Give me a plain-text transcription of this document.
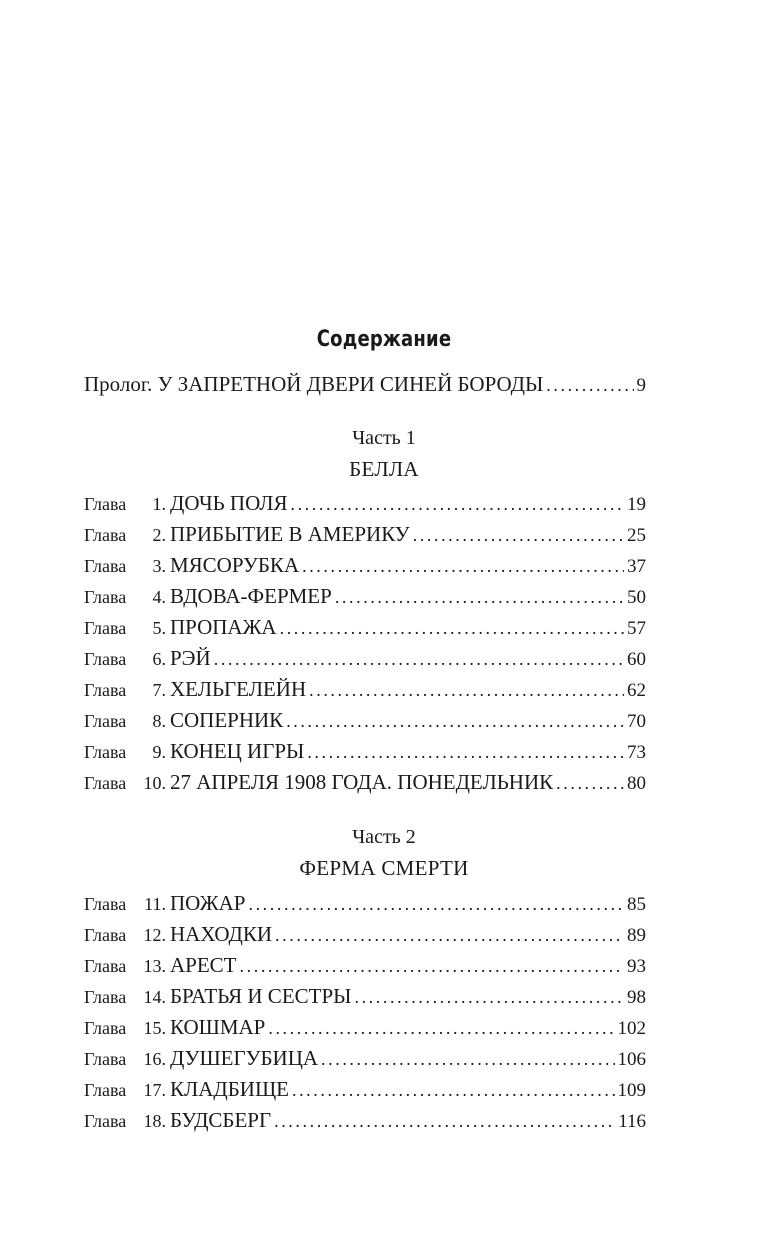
Содержание
Пролог. У ЗАПРЕТНОЙ ДВЕРИ СИНЕЙ БОРОДЫ .....	9
Часть 1
БЕЛЛА
Глава	1. ДОЧЬ ПОЛЯ .....	19
Глава	2. ПРИБЫТИЕ В АМЕРИКУ .....	25
Глава	3. МЯСОРУБКА .....	37
Глава	4. ВДОВА-ФЕРМЕР .....	50
Глава	5. ПРОПАЖА .....	57
Глава	6. РЭЙ .....	60
Глава	7. ХЕЛЬГЕЛЕЙН .....	62
Глава	8. СОПЕРНИК .....	70
Глава	9. КОНЕЦ ИГРЫ .....	73
Глава 10. 27 АПРЕЛЯ 1908 ГОДА. ПОНЕДЕЛЬНИК .....	80
Часть 2
ФЕРМА СМЕРТИ
Глава 11. ПОЖАР .....	85
Глава 12. НАХОДКИ .....	89
Глава 13. АРЕСТ .....	93
Глава 14. БРАТЬЯ И СЕСТРЫ .....	98
Глава 15. КОШМАР .....	102
Глава 16. ДУШЕГУБИЦА .....	106
Глава 17. КЛАДБИЩЕ .....	109
Глава 18. БУДСБЕРГ .....	116
